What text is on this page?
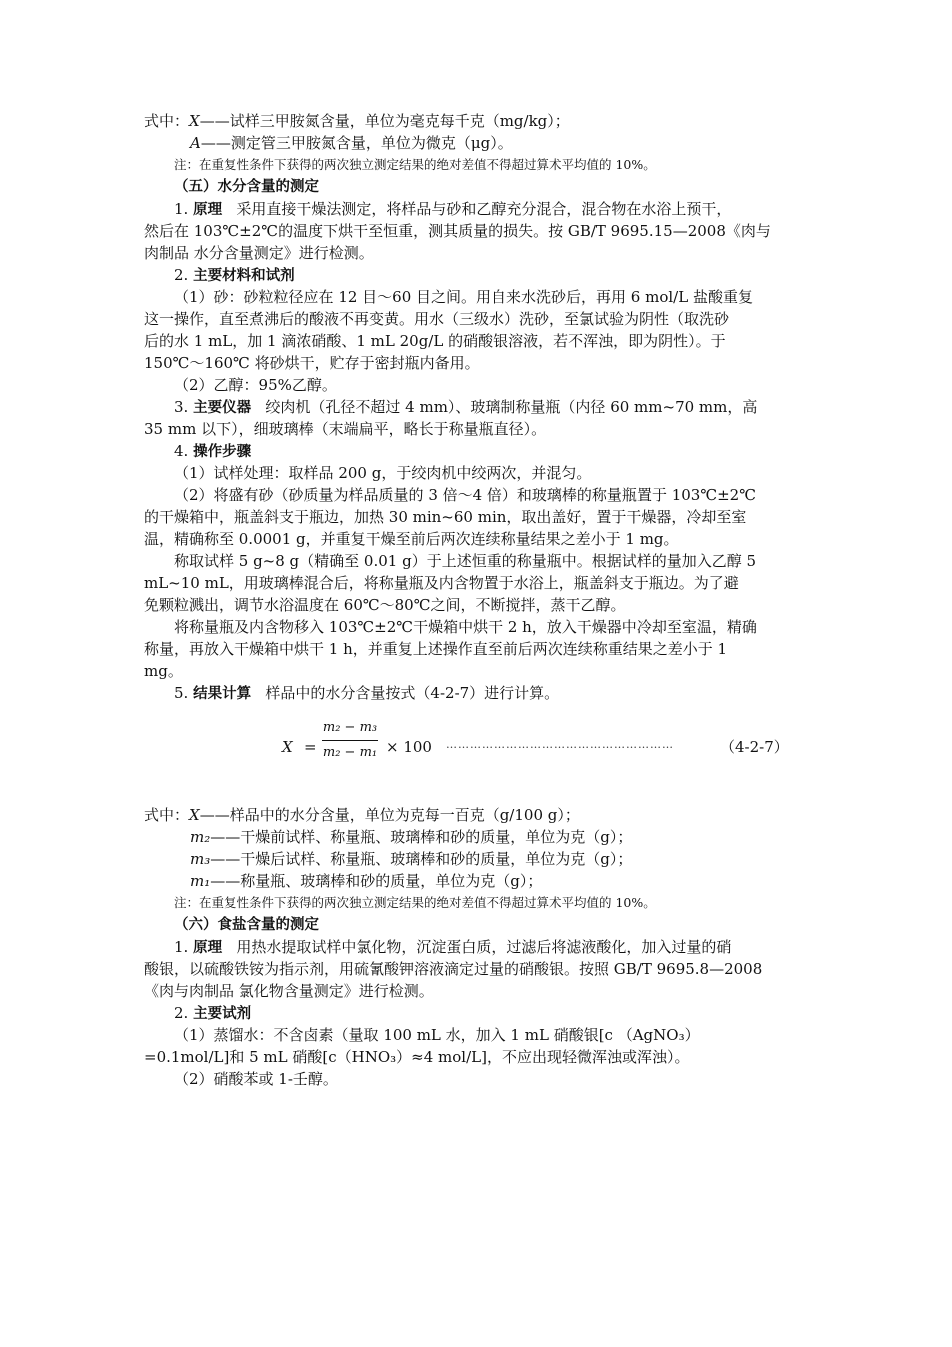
式中：X——试样三甲胺氮含量，单位为毫克每千克（mg/kg）；
A——测定管三甲胺氮含量，单位为微克（μg）。
注：在重复性条件下获得的两次独立测定结果的绝对差值不得超过算术平均值的 10%。
（五）水分含量的测定
1. 原理 采用直接干燥法测定，将样品与砂和乙醇充分混合，混合物在水浴上预干，
然后在 103℃±2℃的温度下烘干至恒重，测其质量的损失。按 GB/T 9695.15—2008《肉与
肉制品 水分含量测定》进行检测。
2. 主要材料和试剂
（1）砂：砂粒粒径应在 12 目～60 目之间。用自来水洗砂后，再用 6 mol/L 盐酸重复
这一操作，直至煮沸后的酸液不再变黄。用水（三级水）洗砂，至氯试验为阴性（取洗砂
后的水 1 mL，加 1 滴浓硝酸、1 mL 20g/L 的硝酸银溶液，若不浑浊，即为阴性）。于
150℃～160℃ 将砂烘干，贮存于密封瓶内备用。
（2）乙醇：95%乙醇。
3. 主要仪器 绞肉机（孔径不超过 4 mm）、玻璃制称量瓶（内径 60 mm~70 mm，高
35 mm 以下），细玻璃棒（末端扁平，略长于称量瓶直径）。
4. 操作步骤
（1）试样处理：取样品 200 g，于绞肉机中绞两次，并混匀。
（2）将盛有砂（砂质量为样品质量的 3 倍～4 倍）和玻璃棒的称量瓶置于 103℃±2℃
的干燥箱中，瓶盖斜支于瓶边，加热 30 min~60 min，取出盖好，置于干燥器，冷却至室
温，精确称至 0.0001 g，并重复干燥至前后两次连续称量结果之差小于 1 mg。
称取试样 5 g~8 g（精确至 0.01 g）于上述恒重的称量瓶中。根据试样的量加入乙醇 5
mL~10 mL，用玻璃棒混合后，将称量瓶及内含物置于水浴上，瓶盖斜支于瓶边。为了避
免颗粒溅出，调节水浴温度在 60℃～80℃之间，不断搅拌，蒸干乙醇。
将称量瓶及内含物移入 103℃±2℃干燥箱中烘干 2 h，放入干燥器中冷却至室温，精确
称量，再放入干燥箱中烘干 1 h，并重复上述操作直至前后两次连续称重结果之差小于 1
mg。
5. 结果计算 样品中的水分含量按式（4-2-7）进行计算。
X =
m₂ − m₃
m₂ − m₁ × 100 …………………………………………………	（4-2-7）
式中：X——样品中的水分含量，单位为克每一百克（g/100 g）；
m₂——干燥前试样、称量瓶、玻璃棒和砂的质量，单位为克（g）；
m₃——干燥后试样、称量瓶、玻璃棒和砂的质量，单位为克（g）；
m₁——称量瓶、玻璃棒和砂的质量，单位为克（g）；
注：在重复性条件下获得的两次独立测定结果的绝对差值不得超过算术平均值的 10%。
（六）食盐含量的测定
1. 原理 用热水提取试样中氯化物，沉淀蛋白质，过滤后将滤液酸化，加入过量的硝
酸银，以硫酸铁铵为指示剂，用硫氰酸钾溶液滴定过量的硝酸银。按照 GB/T 9695.8—2008
《肉与肉制品 氯化物含量测定》进行检测。
2. 主要试剂
（1）蒸馏水：不含卤素（量取 100 mL 水，加入 1 mL 硝酸银[c （AgNO₃）
=0.1mol/L]和 5 mL 硝酸[c（HNO₃）≈4 mol/L]，不应出现轻微浑浊或浑浊）。
（2）硝酸苯或 1-壬醇。
